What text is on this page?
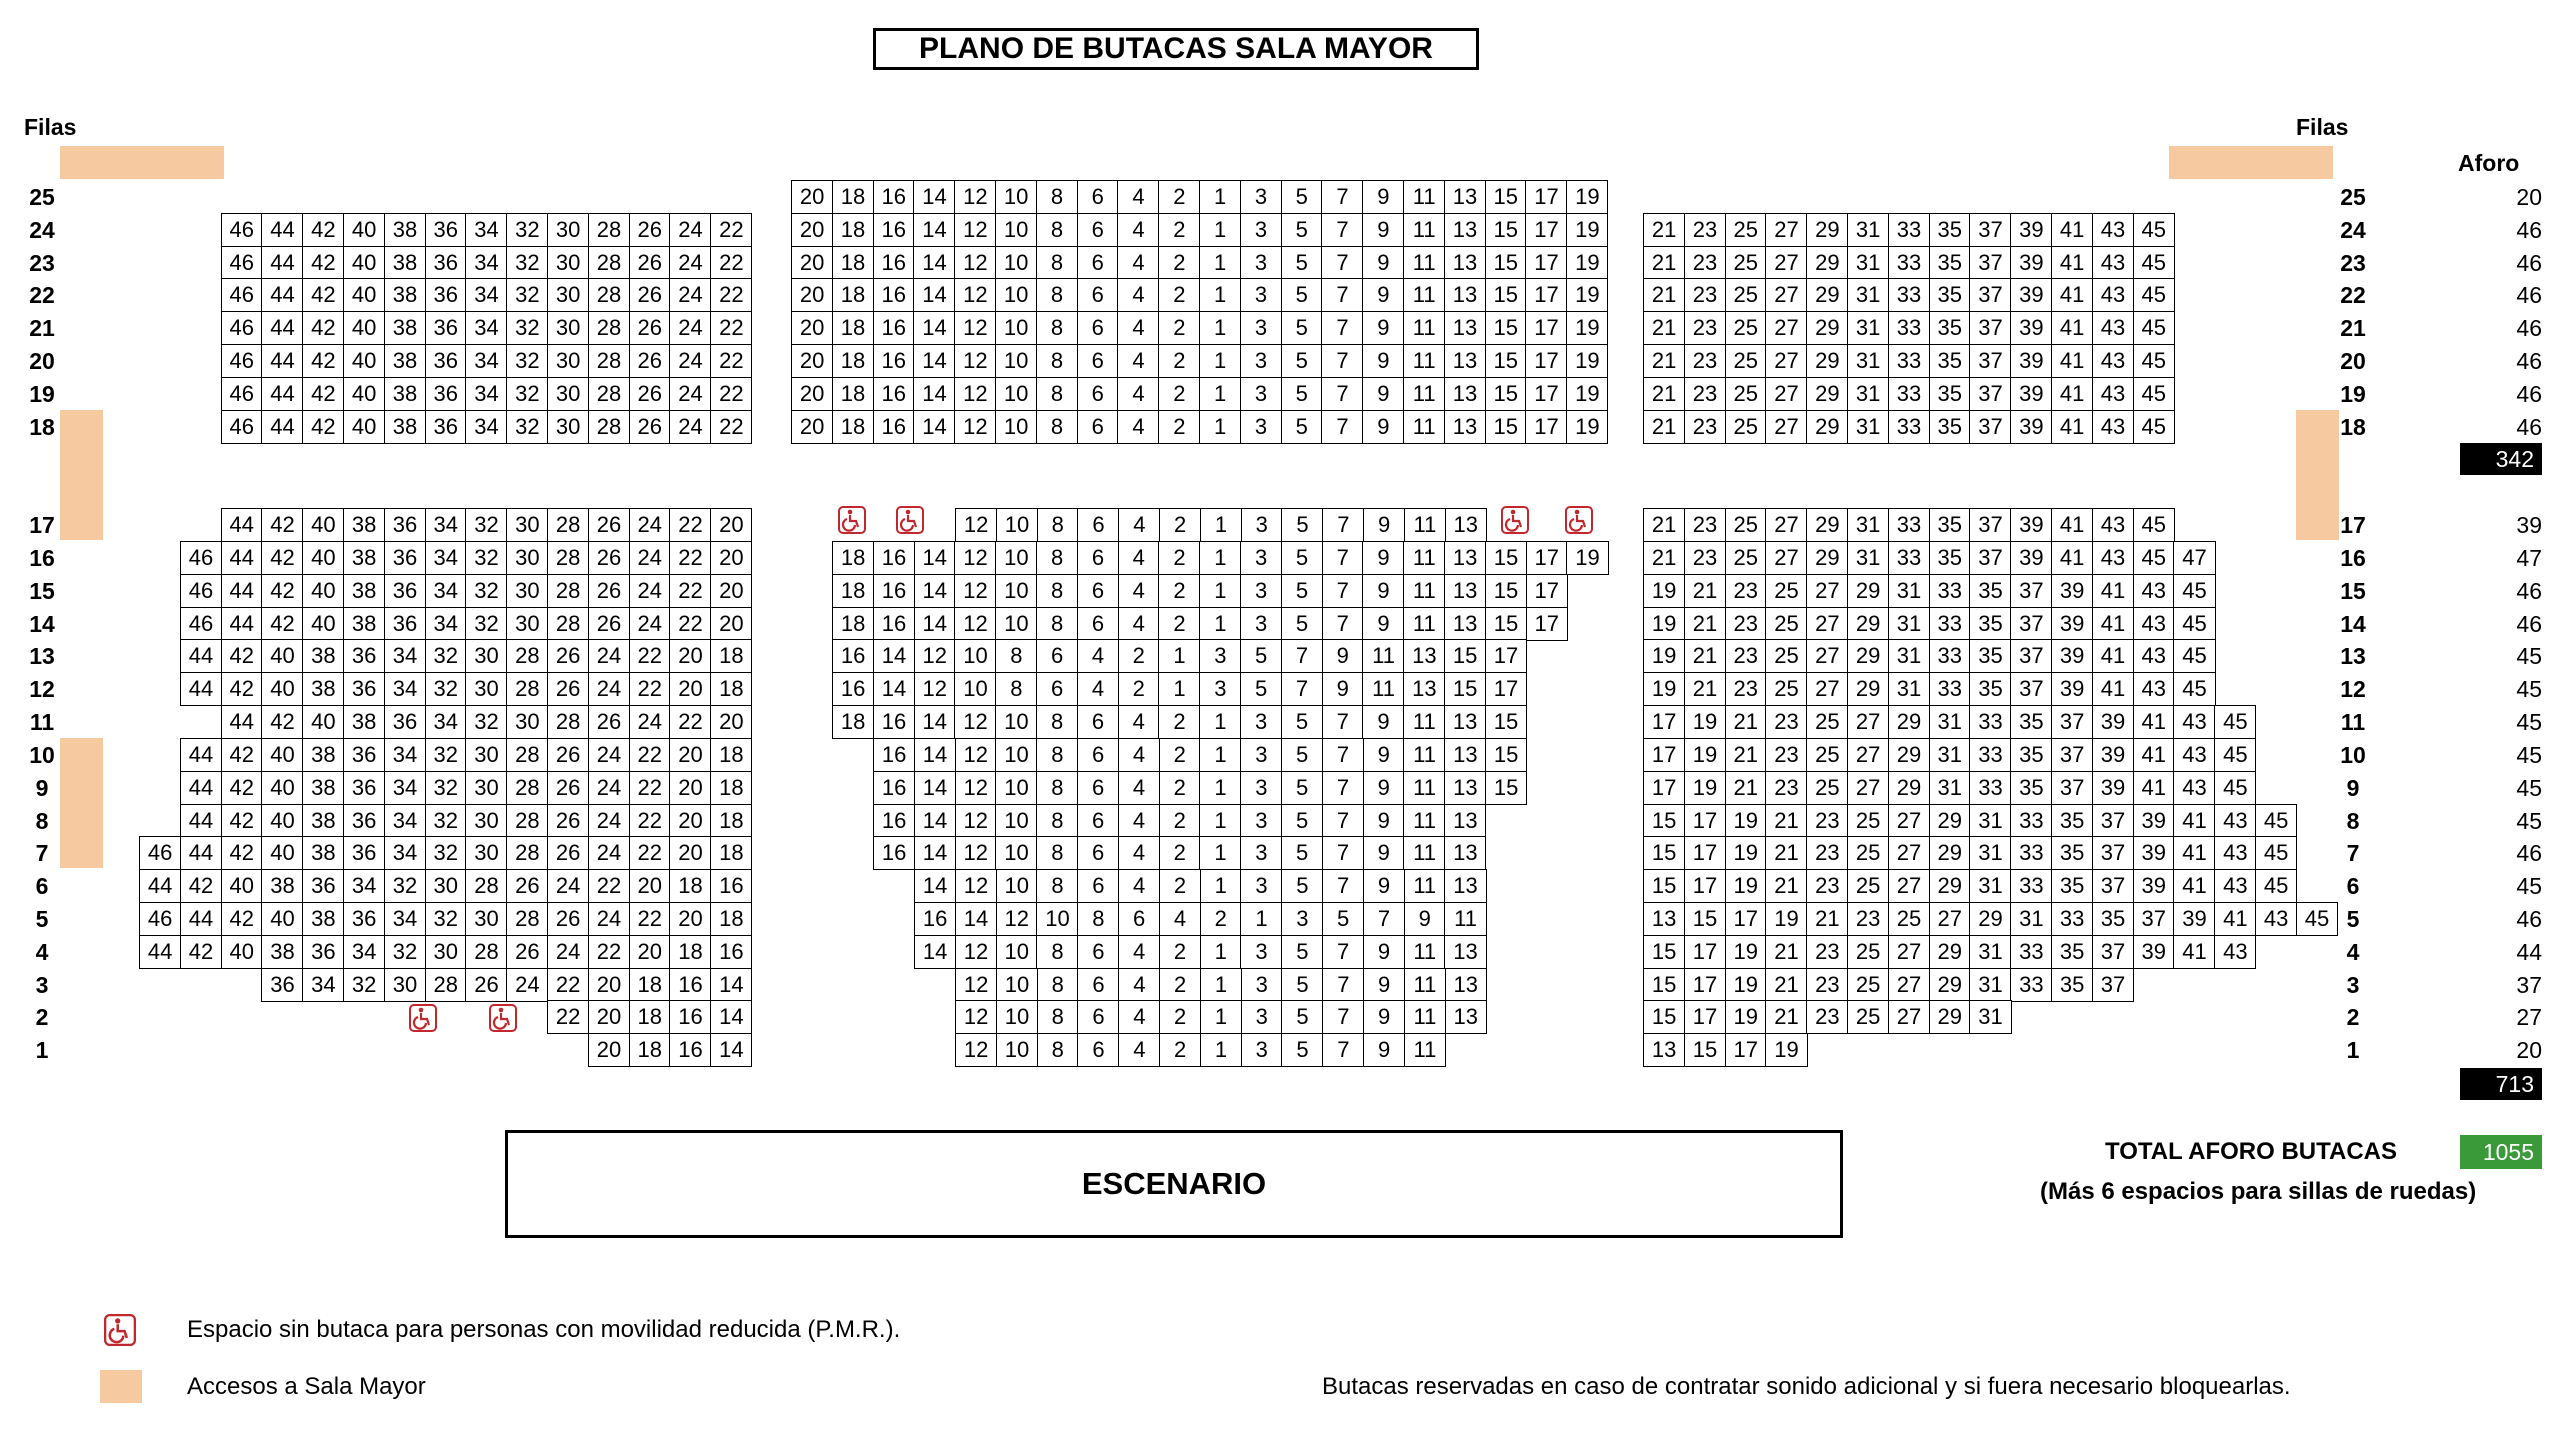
PLANO DE BUTACAS SALA MAYOR
Filas	Filas
Aforo
20 18 16 14 12 10	8	6	4	2	1	3	5	7	9	11 13 15 17 19
25	25	20
46 44 42 40 38 36 34 32 30 28 26 24 22	20 18 16 14 12 10	8	6	4	2	1	3	5	7	9	11 13 15 17 19	21 23 25 27 29 31 33 35 37 39 41 43 45
24	24	46
46 44 42 40 38 36 34 32 30 28 26 24 22	20 18 16 14 12 10	8	6	4	2	1	3	5	7	9	11 13 15 17 19	21 23 25 27 29 31 33 35 37 39 41 43 45
23	23	46
46 44 42 40 38 36 34 32 30 28 26 24 22	20 18 16 14 12 10	8	6	4	2	1	3	5	7	9	11 13 15 17 19	21 23 25 27 29 31 33 35 37 39 41 43 45
22	22	46
46 44 42 40 38 36 34 32 30 28 26 24 22	20 18 16 14 12 10	8	6	4	2	1	3	5	7	9	11 13 15 17 19	21 23 25 27 29 31 33 35 37 39 41 43 45
21	21	46
46 44 42 40 38 36 34 32 30 28 26 24 22	20 18 16 14 12 10	8	6	4	2	1	3	5	7	9	11 13 15 17 19	21 23 25 27 29 31 33 35 37 39 41 43 45
20	20	46
46 44 42 40 38 36 34 32 30 28 26 24 22	20 18 16 14 12 10	8	6	4	2	1	3	5	7	9	11 13 15 17 19	21 23 25 27 29 31 33 35 37 39 41 43 45
19	19	46
46 44 42 40 38 36 34 32 30 28 26 24 22	20 18 16 14 12 10	8	6	4	2	1	3	5	7	9	11 13 15 17 19	21 23 25 27 29 31 33 35 37 39 41 43 45
18	18	46
44 42 40 38 36 34 32 30 28 26 24 22 20	12 10	8	6	4	2	1	3	5	7	9	11 13	21 23 25 27 29 31 33 35 37 39 41 43 45
17	17	39
46 44 42 40 38 36 34 32 30 28 26 24 22 20	18 16 14 12 10	8	6	4	2	1	3	5	7	9	11 13 15 17 19	21 23 25 27 29 31 33 35 37 39 41 43 45 47
16	16	47
46 44 42 40 38 36 34 32 30 28 26 24 22 20	18 16 14 12 10	8	6	4	2	1	3	5	7	9	11 13 15 17	19 21 23 25 27 29 31 33 35 37 39 41 43 45
15	15	46
46 44 42 40 38 36 34 32 30 28 26 24 22 20	18 16 14 12 10	8	6	4	2	1	3	5	7	9	11 13 15 17	19 21 23 25 27 29 31 33 35 37 39 41 43 45
14	14	46
44 42 40 38 36 34 32 30 28 26 24 22 20 18	16 14 12 10	8	6	4	2	1	3	5	7	9	11 13 15 17	19 21 23 25 27 29 31 33 35 37 39 41 43 45
13	13	45
44 42 40 38 36 34 32 30 28 26 24 22 20 18	16 14 12 10	8	6	4	2	1	3	5	7	9	11 13 15 17	19 21 23 25 27 29 31 33 35 37 39 41 43 45
12	12	45
44 42 40 38 36 34 32 30 28 26 24 22 20	18 16 14 12 10	8	6	4	2	1	3	5	7	9	11 13 15	17 19 21 23 25 27 29 31 33 35 37 39 41 43 45
11	11	45
44 42 40 38 36 34 32 30 28 26 24 22 20 18	16 14 12 10	8	6	4	2	1	3	5	7	9	11 13 15	17 19 21 23 25 27 29 31 33 35 37 39 41 43 45
10	10	45
44 42 40 38 36 34 32 30 28 26 24 22 20 18	16 14 12 10	8	6	4	2	1	3	5	7	9	11 13 15	17 19 21 23 25 27 29 31 33 35 37 39 41 43 45
9	9	45
44 42 40 38 36 34 32 30 28 26 24 22 20 18	16 14 12 10	8	6	4	2	1	3	5	7	9	11 13	15 17 19 21 23 25 27 29 31 33 35 37 39 41 43 45
8	8	45
46 44 42 40 38 36 34 32 30 28 26 24 22 20 18	16 14 12 10	8	6	4	2	1	3	5	7	9	11 13	15 17 19 21 23 25 27 29 31 33 35 37 39 41 43 45
7	7	46
44 42 40 38 36 34 32 30 28 26 24 22 20 18 16	14 12 10	8	6	4	2	1	3	5	7	9	11 13	15 17 19 21 23 25 27 29 31 33 35 37 39 41 43 45
6	6	45
46 44 42 40 38 36 34 32 30 28 26 24 22 20 18	16 14 12 10	8	6	4	2	1	3	5	7	9	11	13 15 17 19 21 23 25 27 29 31 33 35 37 39 41 43 45
5	5	46
44 42 40 38 36 34 32 30 28 26 24 22 20 18 16	14 12 10	8	6	4	2	1	3	5	7	9	11 13	15 17 19 21 23 25 27 29 31 33 35 37 39 41 43
4	4	44
36 34 32 30 28 26 24 22 20 18 16 14	12 10	8	6	4	2	1	3	5	7	9	11 13	15 17 19 21 23 25 27 29 31 33 35 37
3	3	37
22 20 18 16 14	12 10	8	6	4	2	1	3	5	7	9	11 13	15 17 19 21 23 25 27 29 31
2	2	27
20 18 16 14	12 10	8	6	4	2	1	3	5	7	9	11	13 15 17 19
1	1	20
342
713
ESCENARIO
TOTAL AFORO BUTACAS	1055
(Más 6 espacios para sillas de ruedas)
Espacio sin butaca para personas con movilidad reducida (P.M.R.).
Accesos a Sala Mayor	Butacas reservadas en caso de contratar sonido adicional y si fuera necesario bloquearlas.
